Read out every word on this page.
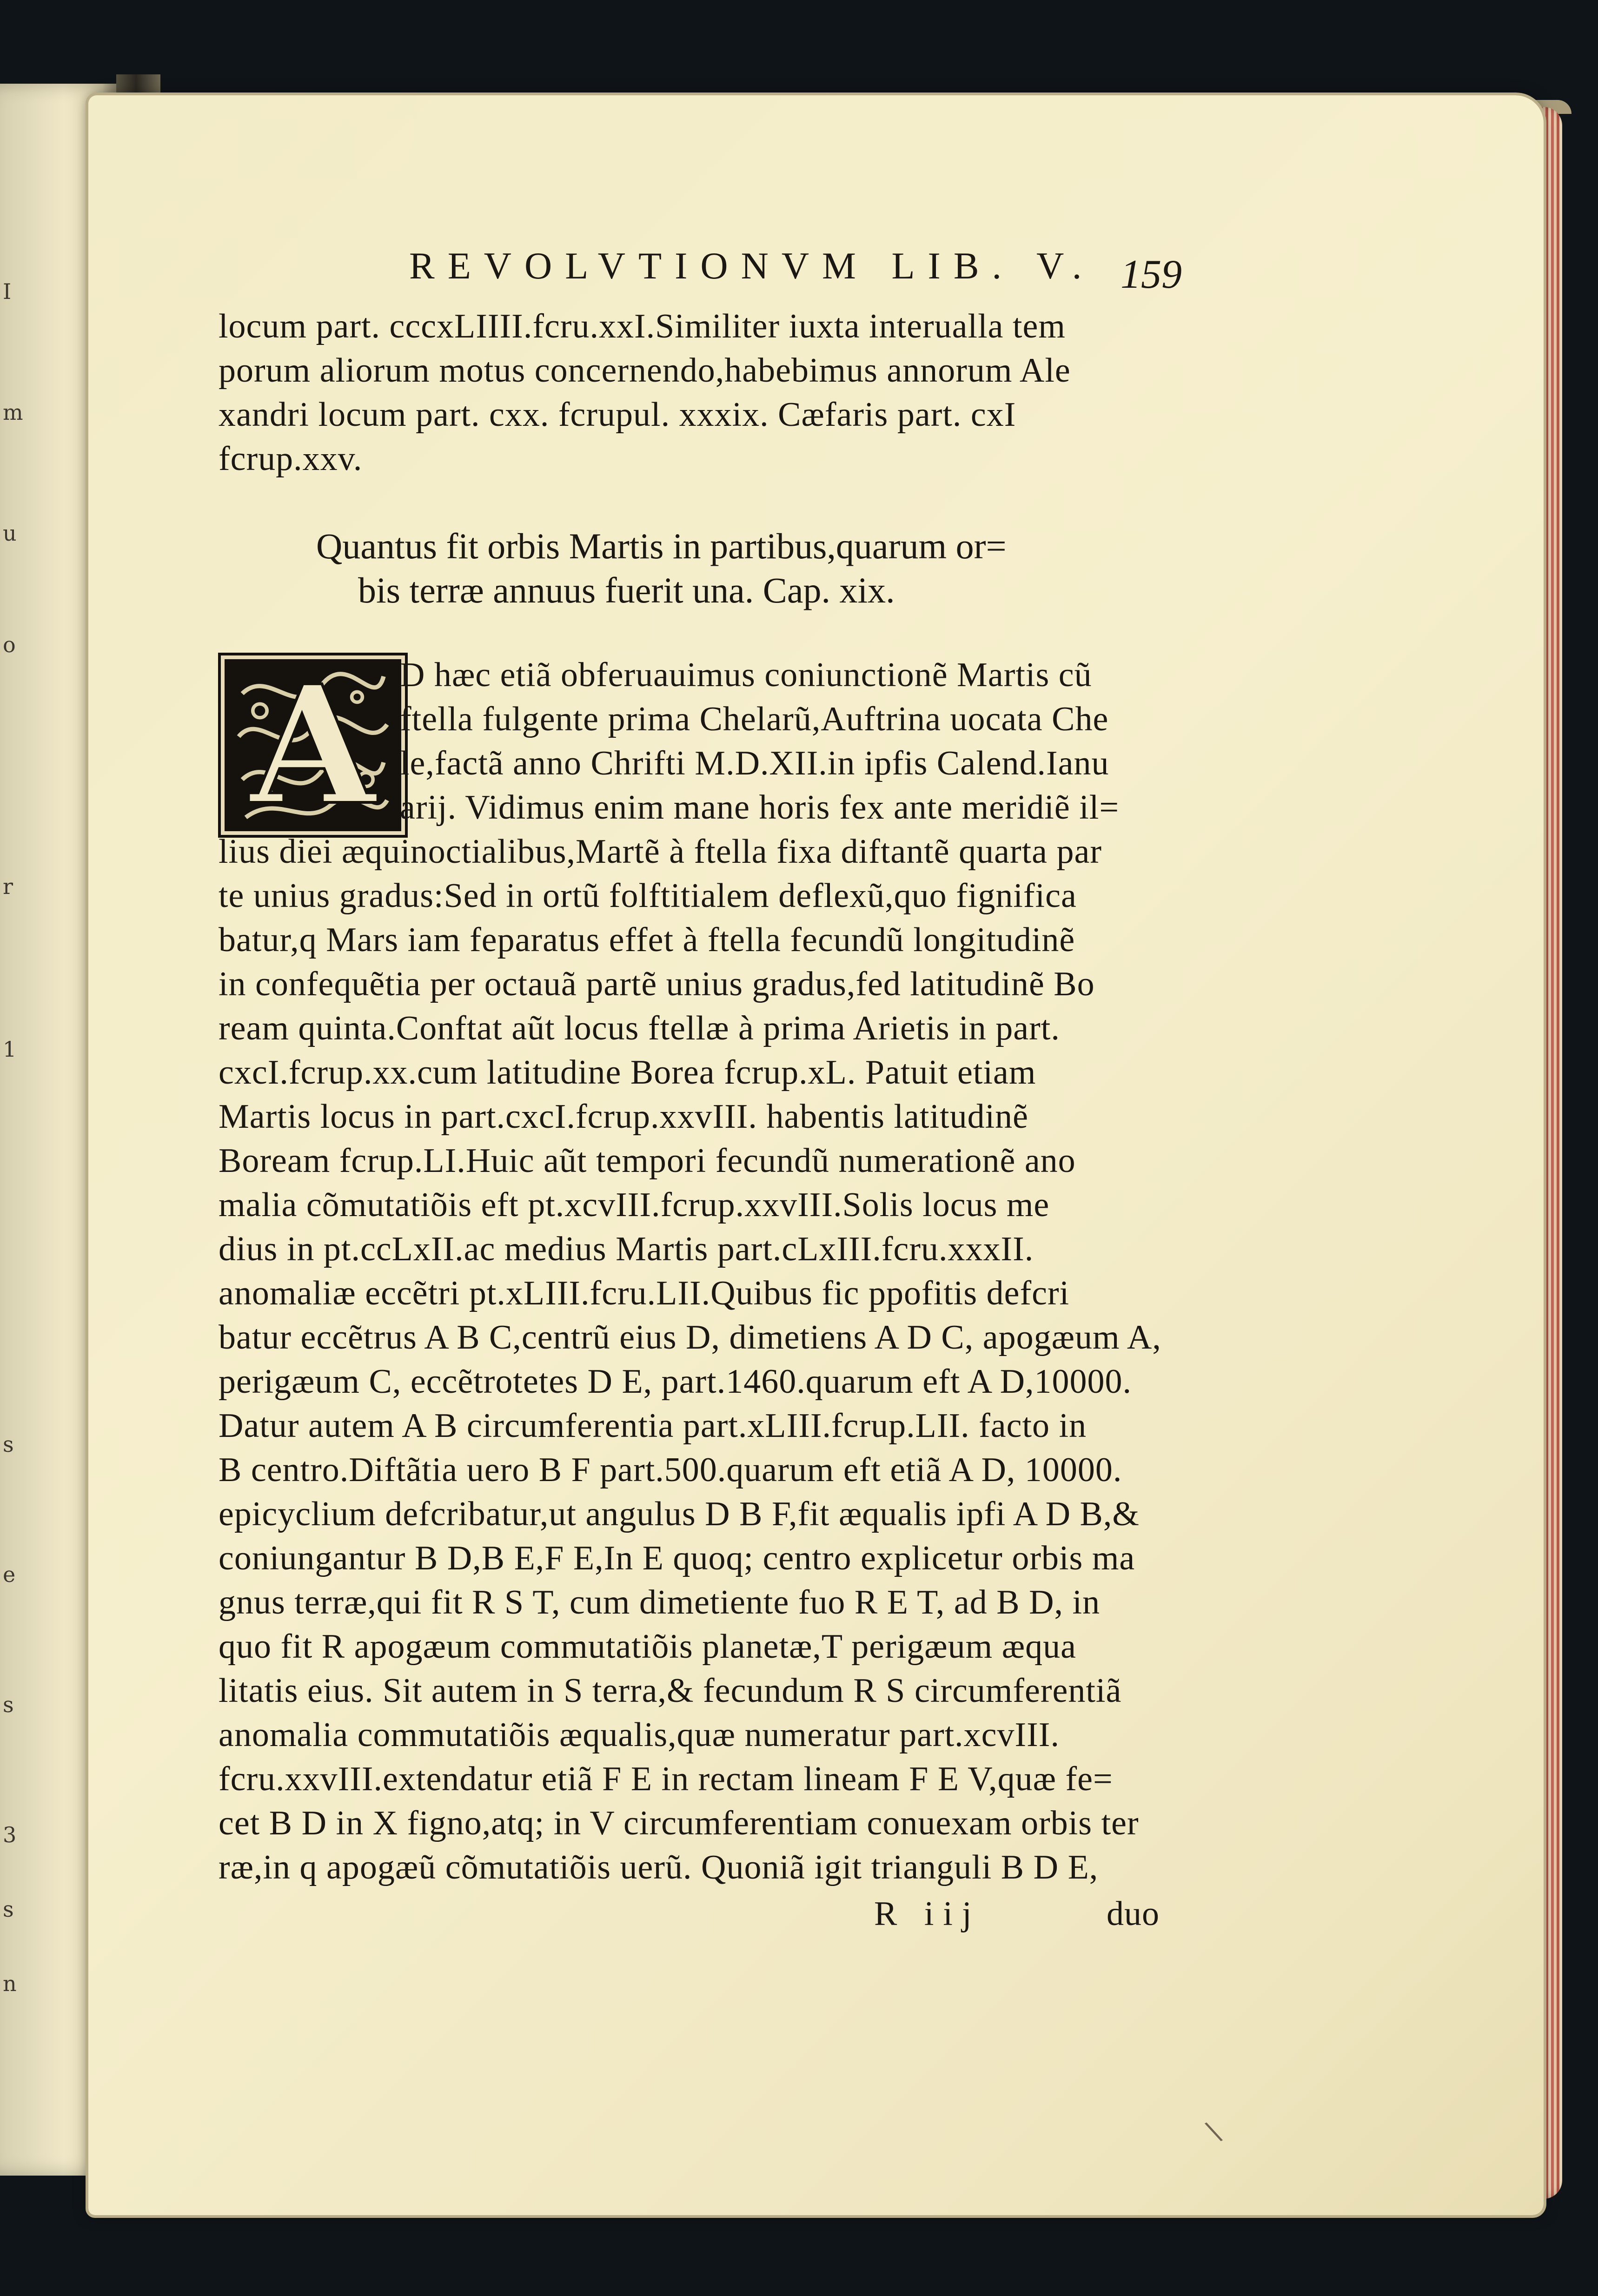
I
m
u
o
r
1
s
e
s
3
s
n
REVOLVTIONVM LIB. V. 159
locum part. cccxLIIII.fcru.xxI.Similiter iuxta interualla tem
porum aliorum motus concernendo,habebimus annorum Ale
xandri locum part. cxx. fcrupul. xxxix. Cæfaris part. cxI
fcrup.xxv.
Quantus fit orbis Martis in partibus,quarum or=
bis terræ annuus fuerit una. Cap. xix.
A D hæc etiã obferuauimus coniunctionẽ Martis cũ
ftella fulgente prima Chelarũ,Auftrina uocata Che
le,factã anno Chrifti M.D.XII.in ipfis Calend.Ianu
arij. Vidimus enim mane horis fex ante meridiẽ il=
lius diei æquinoctialibus,Martẽ à ftella fixa diftantẽ quarta par
te unius gradus:Sed in ortũ folftitialem deflexũ,quo fignifica
batur,q Mars iam feparatus effet à ftella fecundũ longitudinẽ
in confequẽtia per octauã partẽ unius gradus,fed latitudinẽ Bo
ream quinta.Conftat aũt locus ftellæ à prima Arietis in part.
cxcI.fcrup.xx.cum latitudine Borea fcrup.xL. Patuit etiam
Martis locus in part.cxcI.fcrup.xxvIII. habentis latitudinẽ
Boream fcrup.LI.Huic aũt tempori fecundũ numerationẽ ano
malia cõmutatiõis eft pt.xcvIII.fcrup.xxvIII.Solis locus me
dius in pt.ccLxII.ac medius Martis part.cLxIII.fcru.xxxII.
anomaliæ eccẽtri pt.xLIII.fcru.LII.Quibus fic ppofitis defcri
batur eccẽtrus A B C,centrũ eius D, dimetiens A D C, apogæum A,
perigæum C, eccẽtrotetes D E, part.1460.quarum eft A D,10000.
Datur autem A B circumferentia part.xLIII.fcrup.LII. facto in
B centro.Diftãtia uero B F part.500.quarum eft etiã A D, 10000.
epicyclium defcribatur,ut angulus D B F,fit æqualis ipfi A D B,&
coniungantur B D,B E,F E,In E quoq; centro explicetur orbis ma
gnus terræ,qui fit R S T, cum dimetiente fuo R E T, ad B D, in
quo fit R apogæum commutatiõis planetæ,T perigæum æqua
litatis eius. Sit autem in S terra,& fecundum R S circumferentiã
anomalia commutatiõis æqualis,quæ numeratur part.xcvIII.
fcru.xxvIII.extendatur etiã F E in rectam lineam F E V,quæ fe=
cet B D in X figno,atq; in V circumferentiam conuexam orbis ter
ræ,in q apogæũ cõmutatiõis uerũ. Quoniã igit trianguli B D E,
R iij	duo
\
